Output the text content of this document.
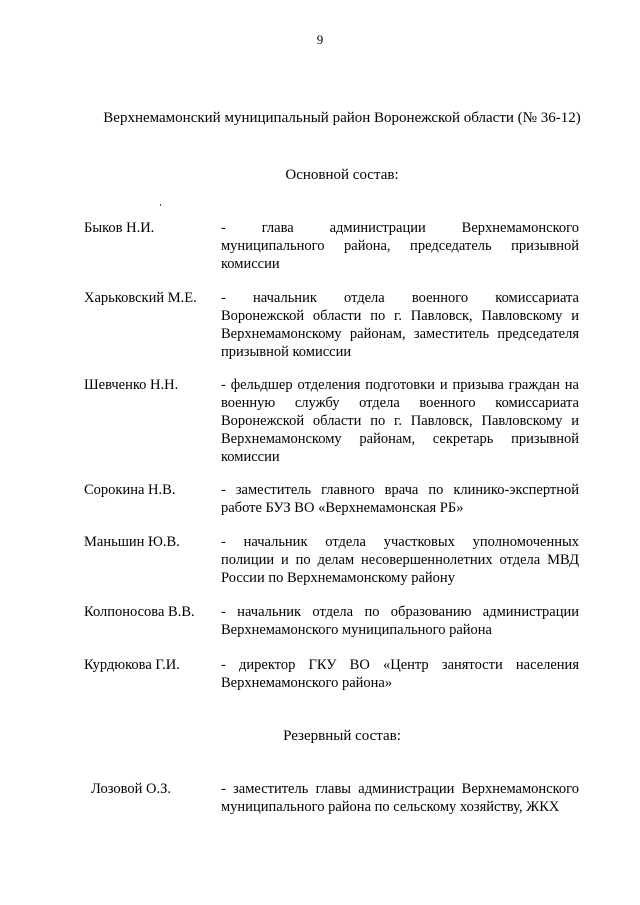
9
Верхнемамонский муниципальный район Воронежской области (№ 36-12)
Основной состав:
Быков Н.И.	-   глава   администрации   Верхнемамонского муниципального   района,   председатель   призывной комиссии
Харьковский М.Е. -   начальник   отдела   военного   комиссариата Воронежской области по г. Павловск, Павловскому и Верхнемамонскому районам, заместитель председателя призывной комиссии
Шевченко Н.Н.	- фельдшер отделения подготовки и призыва граждан на военную службу отдела военного комиссариата Воронежской области по г. Павловск, Павловскому и Верхнемамонскому районам, секретарь призывной комиссии
Сорокина Н.В.	- заместитель главного врача по клинико-экспертной работе БУЗ ВО «Верхнемамонская РБ»
Маньшин Ю.В.	-   начальник   отдела   участковых   уполномоченных полиции и по делам несовершеннолетних отдела МВД России по Верхнемамонскому району
Колпоносова В.В. - начальник отдела по образованию администрации Верхнемамонского муниципального района
Курдюкова Г.И.	- директор ГКУ ВО «Центр занятости населения Верхнемамонского района»
Резервный состав:
Лозовой О.З.	- заместитель главы администрации Верхнемамонского муниципального района по сельскому хозяйству, ЖКХ
